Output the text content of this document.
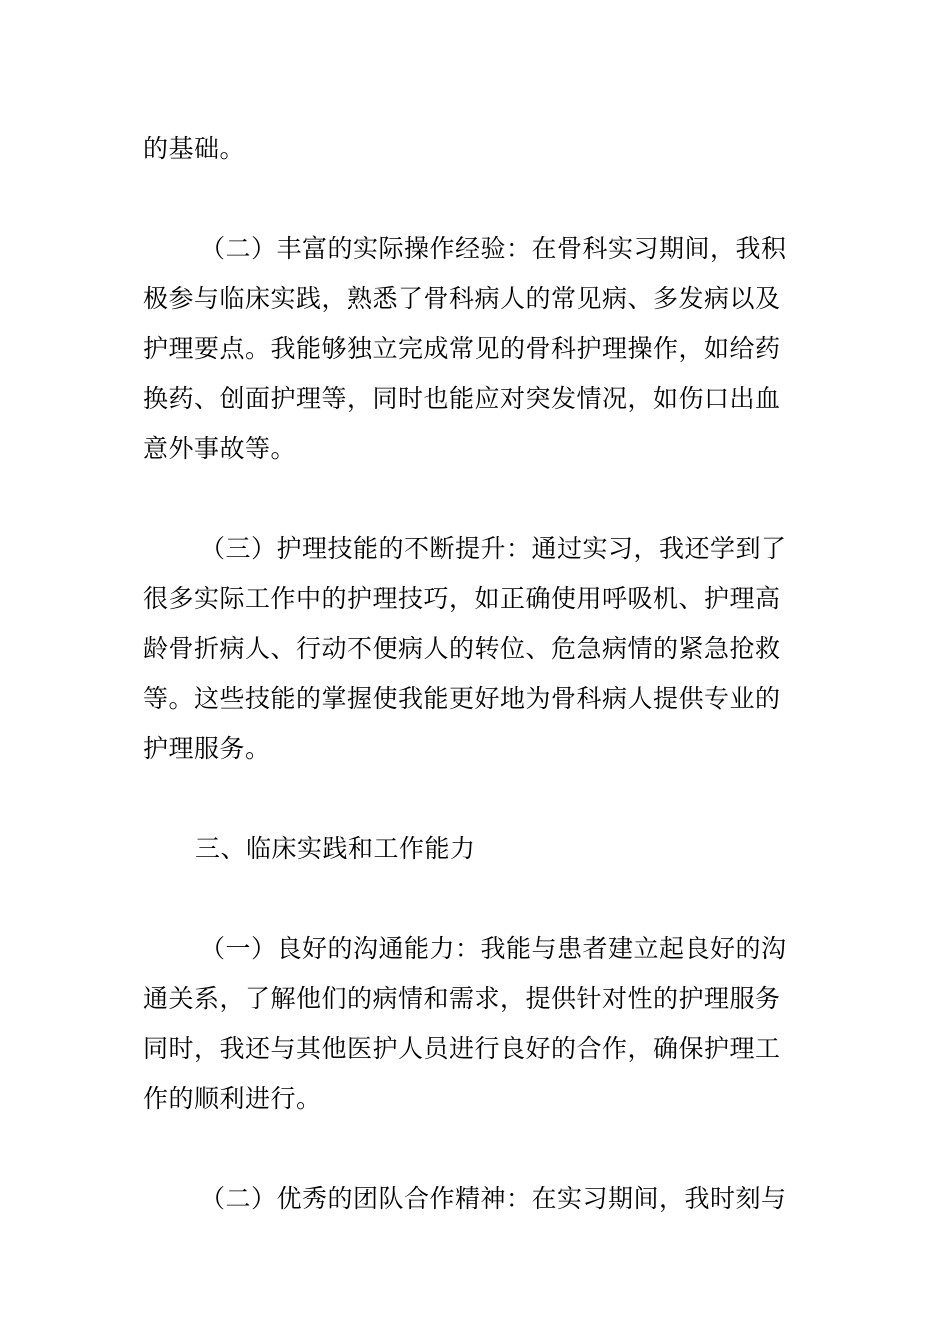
的基础。
（二）丰富的实际操作经验：在骨科实习期间，我积
极参与临床实践，熟悉了骨科病人的常见病、多发病以及
护理要点。我能够独立完成常见的骨科护理操作，如给药
换药、创面护理等，同时也能应对突发情况，如伤口出血
意外事故等。
（三）护理技能的不断提升：通过实习，我还学到了
很多实际工作中的护理技巧，如正确使用呼吸机、护理高
龄骨折病人、行动不便病人的转位、危急病情的紧急抢救
等。这些技能的掌握使我能更好地为骨科病人提供专业的
护理服务。
三、临床实践和工作能力
（一）良好的沟通能力：我能与患者建立起良好的沟
通关系，了解他们的病情和需求，提供针对性的护理服务
同时，我还与其他医护人员进行良好的合作，确保护理工
作的顺利进行。
（二）优秀的团队合作精神：在实习期间，我时刻与
